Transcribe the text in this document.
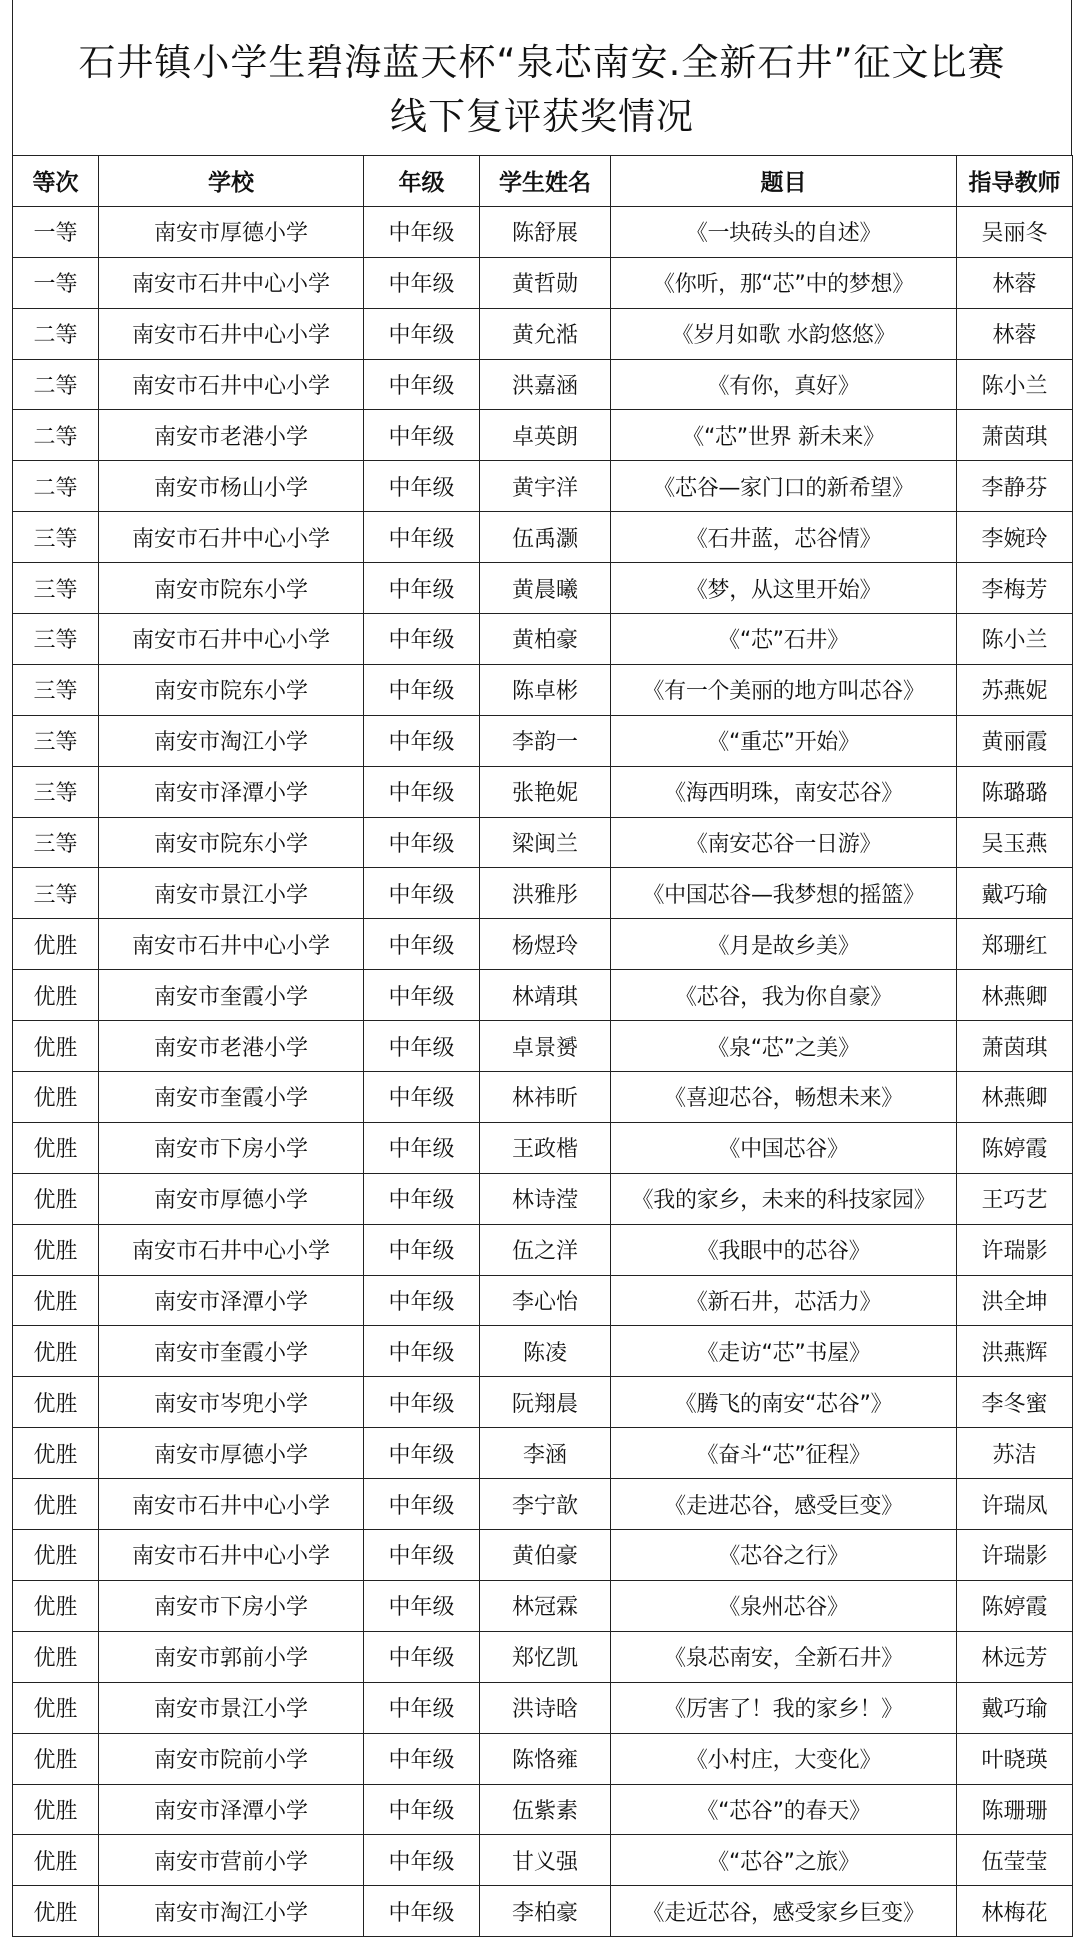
石井镇小学生碧海蓝天杯“泉芯南安.全新石井”征文比赛
线下复评获奖情况
等次	学校	年级	学生姓名	题目	指导教师
一等	南安市厚德小学	中年级	陈舒展	《一块砖头的自述》	吴丽冬
一等	南安市石井中心小学	中年级	黄哲勋	《你听，那“芯”中的梦想》	林蓉
二等	南安市石井中心小学	中年级	黄允湉	《岁月如歌 水韵悠悠》	林蓉
二等	南安市石井中心小学	中年级	洪嘉涵	《有你，真好》	陈小兰
二等	南安市老港小学	中年级	卓英朗	《“芯”世界 新未来》	萧茵琪
二等	南安市杨山小学	中年级	黄宇洋	《芯谷—家门口的新希望》	李静芬
三等	南安市石井中心小学	中年级	伍禹灏	《石井蓝，芯谷情》	李婉玲
三等	南安市院东小学	中年级	黄晨曦	《梦，从这里开始》	李梅芳
三等	南安市石井中心小学	中年级	黄柏豪	《“芯”石井》	陈小兰
三等	南安市院东小学	中年级	陈卓彬	《有一个美丽的地方叫芯谷》	苏燕妮
三等	南安市淘江小学	中年级	李韵一	《“重芯”开始》	黄丽霞
三等	南安市泽潭小学	中年级	张艳妮	《海西明珠，南安芯谷》	陈璐璐
三等	南安市院东小学	中年级	梁闽兰	《南安芯谷一日游》	吴玉燕
三等	南安市景江小学	中年级	洪雅彤	《中国芯谷—我梦想的摇篮》	戴巧瑜
优胜	南安市石井中心小学	中年级	杨煜玲	《月是故乡美》	郑珊红
优胜	南安市奎霞小学	中年级	林靖琪	《芯谷，我为你自豪》	林燕卿
优胜	南安市老港小学	中年级	卓景赟	《泉“芯”之美》	萧茵琪
优胜	南安市奎霞小学	中年级	林祎昕	《喜迎芯谷，畅想未来》	林燕卿
优胜	南安市下房小学	中年级	王政楷	《中国芯谷》	陈婷霞
优胜	南安市厚德小学	中年级	林诗滢	《我的家乡，未来的科技家园》	王巧艺
优胜	南安市石井中心小学	中年级	伍之洋	《我眼中的芯谷》	许瑞影
优胜	南安市泽潭小学	中年级	李心怡	《新石井，芯活力》	洪全坤
优胜	南安市奎霞小学	中年级	陈凌	《走访“芯”书屋》	洪燕辉
优胜	南安市岑兜小学	中年级	阮翔晨	《腾飞的南安“芯谷”》	李冬蜜
优胜	南安市厚德小学	中年级	李涵	《奋斗“芯”征程》	苏洁
优胜	南安市石井中心小学	中年级	李宁歆	《走进芯谷，感受巨变》	许瑞凤
优胜	南安市石井中心小学	中年级	黄伯豪	《芯谷之行》	许瑞影
优胜	南安市下房小学	中年级	林冠霖	《泉州芯谷》	陈婷霞
优胜	南安市郭前小学	中年级	郑忆凯	《泉芯南安，全新石井》	林远芳
优胜	南安市景江小学	中年级	洪诗晗	《厉害了！我的家乡！》	戴巧瑜
优胜	南安市院前小学	中年级	陈恪雍	《小村庄，大变化》	叶晓瑛
优胜	南安市泽潭小学	中年级	伍紫素	《“芯谷”的春天》	陈珊珊
优胜	南安市营前小学	中年级	甘义强	《“芯谷”之旅》	伍莹莹
优胜	南安市淘江小学	中年级	李柏豪	《走近芯谷，感受家乡巨变》	林梅花
